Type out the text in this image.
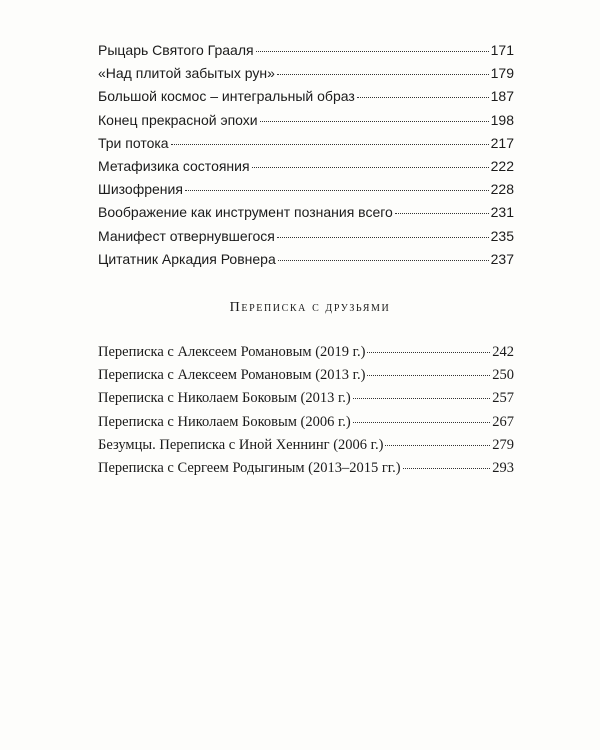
Рыцарь Святого Грааля	171
«Над плитой забытых рун»	179
Большой космос – интегральный образ	187
Конец прекрасной эпохи	198
Три потока	217
Метафизика состояния	222
Шизофрения	228
Воображение как инструмент познания всего	231
Манифест отвернувшегося	235
Цитатник Аркадия Ровнера	237
Переписка с друзьями
Переписка с Алексеем Романовым (2019 г.)	242
Переписка с Алексеем Романовым (2013 г.)	250
Переписка с Николаем Боковым (2013 г.)	257
Переписка с Николаем Боковым (2006 г.)	267
Безумцы. Переписка с Иной Хеннинг (2006 г.)	279
Переписка с Сергеем Родыгиным (2013–2015 гг.)	293
